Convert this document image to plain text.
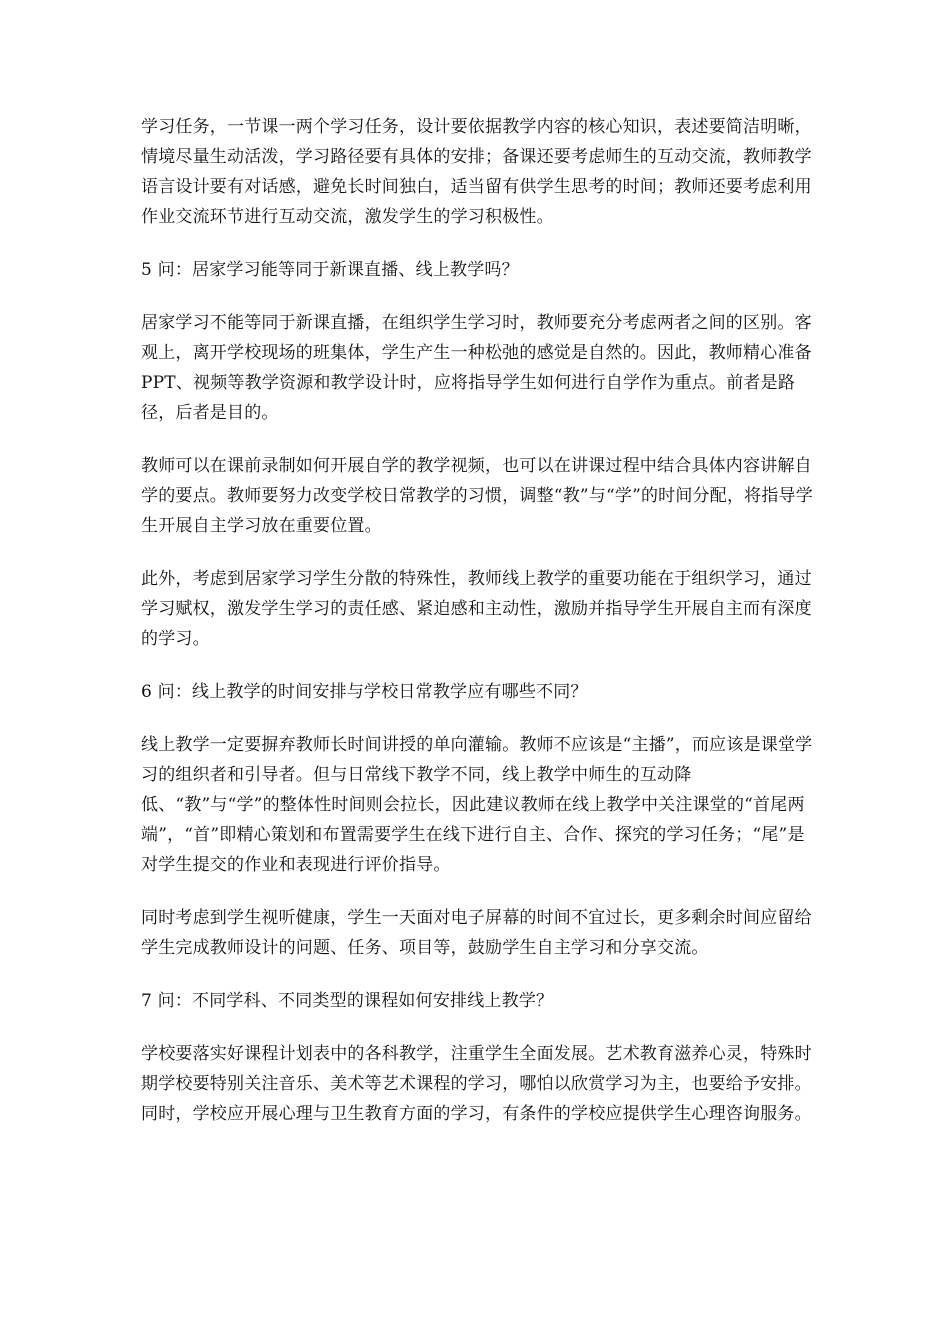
学习任务，一节课一两个学习任务，设计要依据教学内容的核心知识，表述要简洁明晰，情境尽量生动活泼，学习路径要有具体的安排；备课还要考虑师生的互动交流，教师教学语言设计要有对话感，避免长时间独白，适当留有供学生思考的时间；教师还要考虑利用作业交流环节进行互动交流，激发学生的学习积极性。

5 问：居家学习能等同于新课直播、线上教学吗？

居家学习不能等同于新课直播，在组织学生学习时，教师要充分考虑两者之间的区别。客观上，离开学校现场的班集体，学生产生一种松弛的感觉是自然的。因此，教师精心准备 PPT、视频等教学资源和教学设计时，应将指导学生如何进行自学作为重点。前者是路径，后者是目的。

教师可以在课前录制如何开展自学的教学视频，也可以在讲课过程中结合具体内容讲解自学的要点。教师要努力改变学校日常教学的习惯，调整“教”与“学”的时间分配，将指导学生开展自主学习放在重要位置。

此外，考虑到居家学习学生分散的特殊性，教师线上教学的重要功能在于组织学习，通过学习赋权，激发学生学习的责任感、紧迫感和主动性，激励并指导学生开展自主而有深度的学习。

6 问：线上教学的时间安排与学校日常教学应有哪些不同？

线上教学一定要摒弃教师长时间讲授的单向灌输。教师不应该是“主播”，而应该是课堂学习的组织者和引导者。但与日常线下教学不同，线上教学中师生的互动降低、“教”与“学”的整体性时间则会拉长，因此建议教师在线上教学中关注课堂的“首尾两端”，“首”即精心策划和布置需要学生在线下进行自主、合作、探究的学习任务；“尾”是对学生提交的作业和表现进行评价指导。

同时考虑到学生视听健康，学生一天面对电子屏幕的时间不宜过长，更多剩余时间应留给学生完成教师设计的问题、任务、项目等，鼓励学生自主学习和分享交流。

7 问：不同学科、不同类型的课程如何安排线上教学？

学校要落实好课程计划表中的各科教学，注重学生全面发展。艺术教育滋养心灵，特殊时期学校要特别关注音乐、美术等艺术课程的学习，哪怕以欣赏学习为主，也要给予安排。同时，学校应开展心理与卫生教育方面的学习，有条件的学校应提供学生心理咨询服务。
